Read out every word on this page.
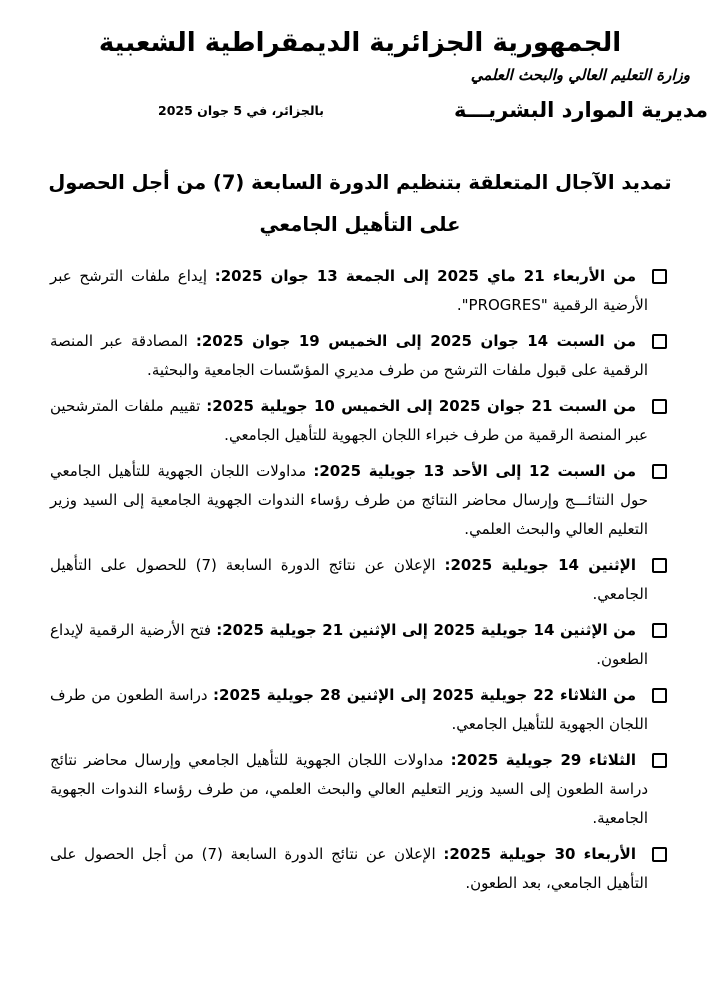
الجمهورية الجزائرية الديمقراطية الشعبية
وزارة التعليم العالي والبحث العلمي
مديرية الموارد البشريـــة
بالجزائر، في 5 جوان 2025
تمديد الآجال المتعلقة بتنظيم الدورة السابعة (7) من أجل الحصول
على التأهيل الجامعي
من الأربعاء 21 ماي 2025 إلى الجمعة 13 جوان 2025: إيداع ملفات الترشح عبر الأرضية الرقمية "PROGRES".
من السبت 14 جوان 2025 إلى الخميس 19 جوان 2025: المصادقة عبر المنصة الرقمية على قبول ملفات الترشح من طرف مديري المؤسّسات الجامعية والبحثية.
من السبت 21 جوان 2025 إلى الخميس 10 جويلية 2025: تقييم ملفات المترشحين عبر المنصة الرقمية من طرف خبراء اللجان الجهوية للتأهيل الجامعي.
من السبت 12 إلى الأحد 13 جويلية 2025: مداولات اللجان الجهوية للتأهيل الجامعي حول النتائـــج وإرسال محاضر النتائج من طرف رؤساء الندوات الجهوية الجامعية إلى السيد وزير التعليم العالي والبحث العلمي.
الإثنين 14 جويلية 2025: الإعلان عن نتائج الدورة السابعة (7) للحصول على التأهيل الجامعي.
من الإثنين 14 جويلية 2025 إلى الإثنين 21 جويلية 2025: فتح الأرضية الرقمية لإيداع الطعون.
من الثلاثاء 22 جويلية 2025 إلى الإثنين 28 جويلية 2025: دراسة الطعون من طرف اللجان الجهوية للتأهيل الجامعي.
الثلاثاء 29 جويلية 2025: مداولات اللجان الجهوية للتأهيل الجامعي وإرسال محاضر نتائج دراسة الطعون إلى السيد وزير التعليم العالي والبحث العلمي، من طرف رؤساء الندوات الجهوية الجامعية.
الأربعاء 30 جويلية 2025: الإعلان عن نتائج الدورة السابعة (7) من أجل الحصول على التأهيل الجامعي، بعد الطعون.
